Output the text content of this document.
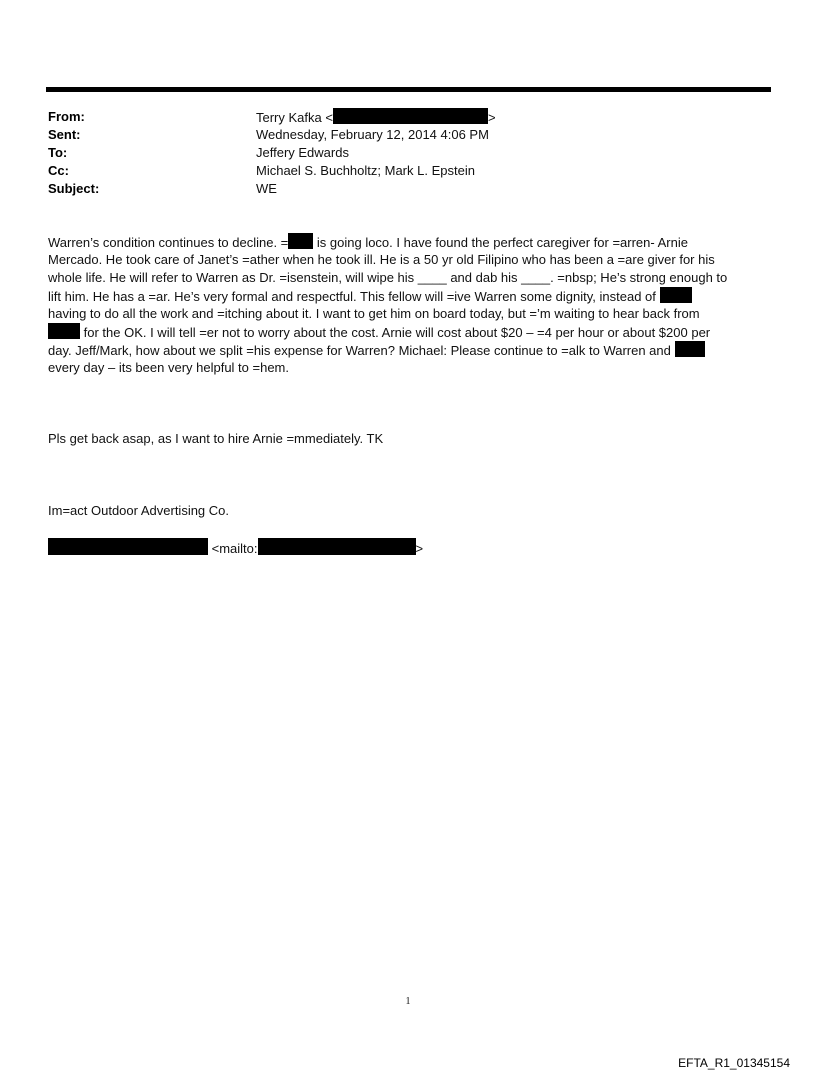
From:	Terry Kafka <	>
Sent:	Wednesday, February 12, 2014 4:06 PM
To:	Jeffery Edwards
Cc:	Michael S. Buchholtz; Mark L. Epstein
Subject:	WE
Warren’s condition continues to decline. = is going loco. I have found the perfect caregiver for =arren- Arnie
Mercado. He took care of Janet’s =ather when he took ill. He is a 50 yr old Filipino who has been a =are giver for his
whole life. He will refer to Warren as Dr. =isenstein, will wipe his ____ and dab his ____. =nbsp; He’s strong enough to
lift him. He has a =ar. He’s very formal and respectful. This fellow will =ive Warren some dignity, instead of
having to do all the work and =itching about it. I want to get him on board today, but =’m waiting to hear back from
for the OK. I will tell =er not to worry about the cost. Arnie will cost about $20 – =4 per hour or about $200 per
day. Jeff/Mark, how about we split =his expense for Warren? Michael: Please continue to =alk to Warren and
every day – its been very helpful to =hem.
Pls get back asap, as I want to hire Arnie =mmediately. TK
Im=act Outdoor Advertising Co.
<mailto:	>
1
EFTA_R1_01345154
